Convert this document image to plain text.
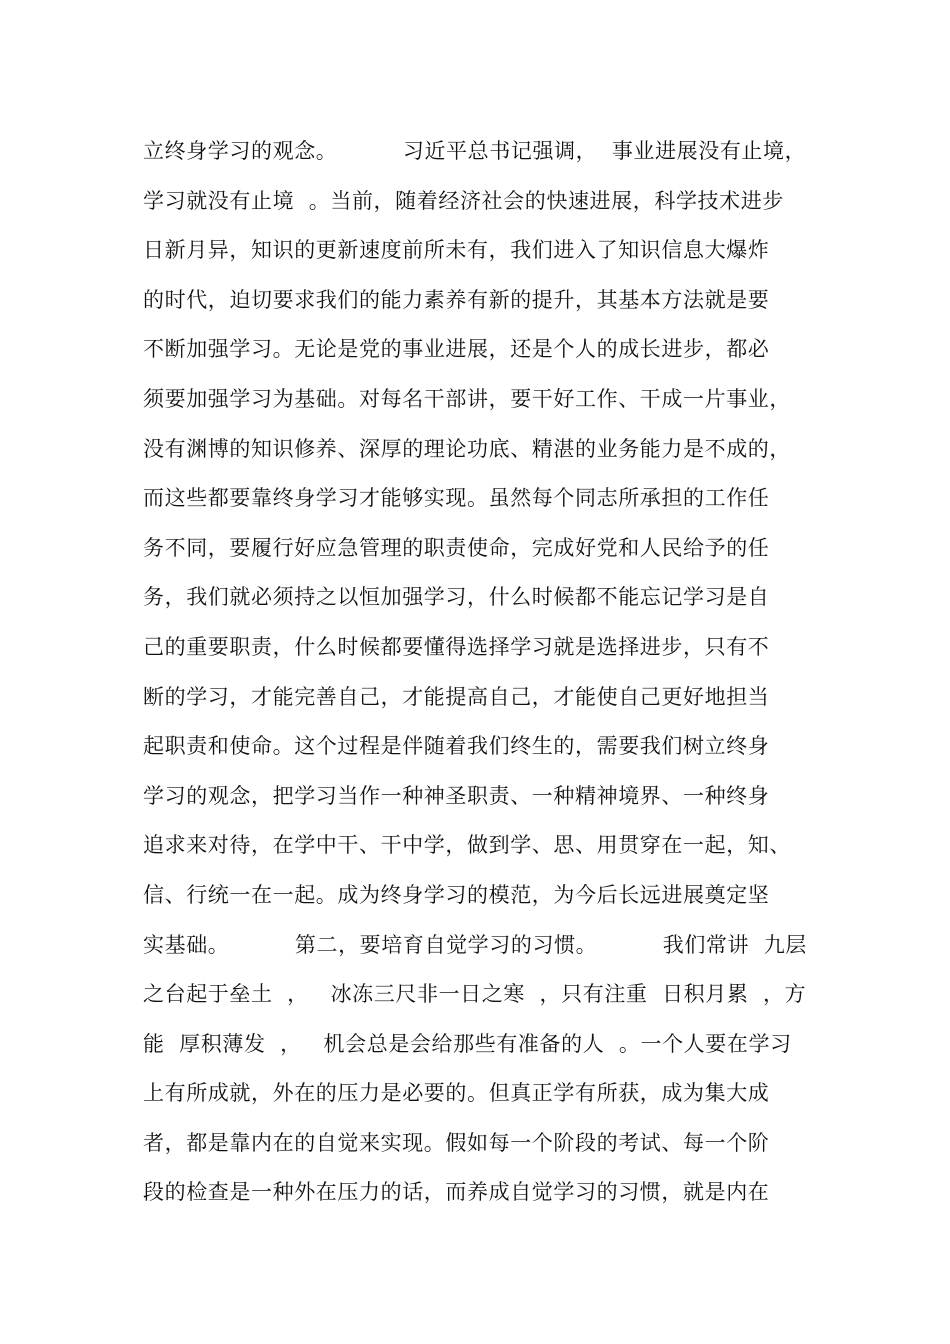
立终身学习的观念。         习近平总书记强调，  事业进展没有止境，
学习就没有止境  。当前，随着经济社会的快速进展，科学技术进步
日新月异，知识的更新速度前所未有，我们进入了知识信息大爆炸
的时代，迫切要求我们的能力素养有新的提升，其基本方法就是要
不断加强学习。无论是党的事业进展，还是个人的成长进步，都必
须要加强学习为基础。对每名干部讲，要干好工作、干成一片事业，
没有渊博的知识修养、深厚的理论功底、精湛的业务能力是不成的，
而这些都要靠终身学习才能够实现。虽然每个同志所承担的工作任
务不同，要履行好应急管理的职责使命，完成好党和人民给予的任
务，我们就必须持之以恒加强学习，什么时候都不能忘记学习是自
己的重要职责，什么时候都要懂得选择学习就是选择进步，只有不
断的学习，才能完善自己，才能提高自己，才能使自己更好地担当
起职责和使命。这个过程是伴随着我们终生的，需要我们树立终身
学习的观念，把学习当作一种神圣职责、一种精神境界、一种终身
追求来对待，在学中干、干中学，做到学、思、用贯穿在一起，知、
信、行统一在一起。成为终身学习的模范，为今后长远进展奠定坚
实基础。         第二，要培育自觉学习的习惯。         我们常讲  九层
之台起于垒土  ，   冰冻三尺非一日之寒  ，只有注重  日积月累  ，方
能  厚积薄发  ，   机会总是会给那些有准备的人  。一个人要在学习
上有所成就，外在的压力是必要的。但真正学有所获，成为集大成
者，都是靠内在的自觉来实现。假如每一个阶段的考试、每一个阶
段的检查是一种外在压力的话，而养成自觉学习的习惯，就是内在
